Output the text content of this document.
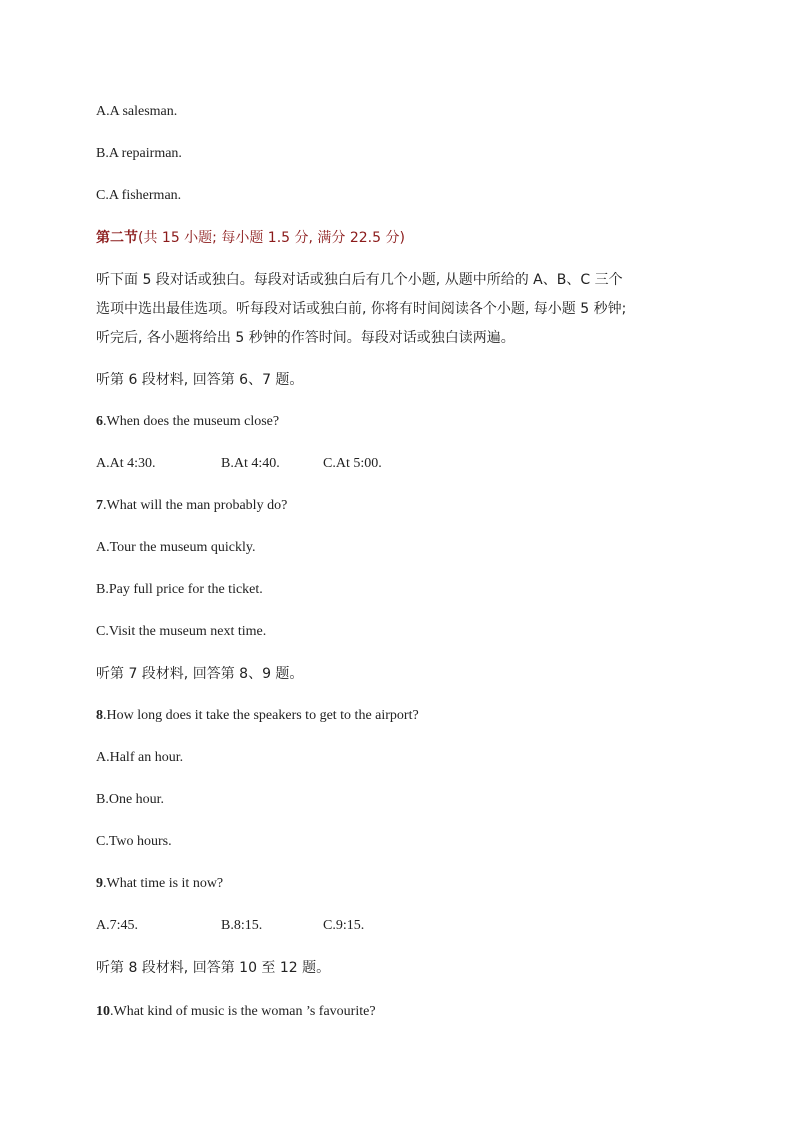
A.A salesman.

B.A repairman.

C.A fisherman.

第二节(共 15 小题; 每小题 1.5 分, 满分 22.5 分)

听下面 5 段对话或独白。每段对话或独白后有几个小题, 从题中所给的 A、B、C 三个

选项中选出最佳选项。听每段对话或独白前, 你将有时间阅读各个小题, 每小题 5 秒钟;

听完后, 各小题将给出 5 秒钟的作答时间。每段对话或独白读两遍。

听第 6 段材料, 回答第 6、7 题。

6.When does the museum close?

A.At 4:30.	B.At 4:40.	C.At 5:00.

7.What will the man probably do?

A.Tour the museum quickly.

B.Pay full price for the ticket.

C.Visit the museum next time.

听第 7 段材料, 回答第 8、9 题。

8.How long does it take the speakers to get to the airport?

A.Half an hour.

B.One hour.

C.Two hours.

9.What time is it now?

A.7:45.	B.8:15.	C.9:15.

听第 8 段材料, 回答第 10 至 12 题。

10.What kind of music is the woman ’s favourite?
